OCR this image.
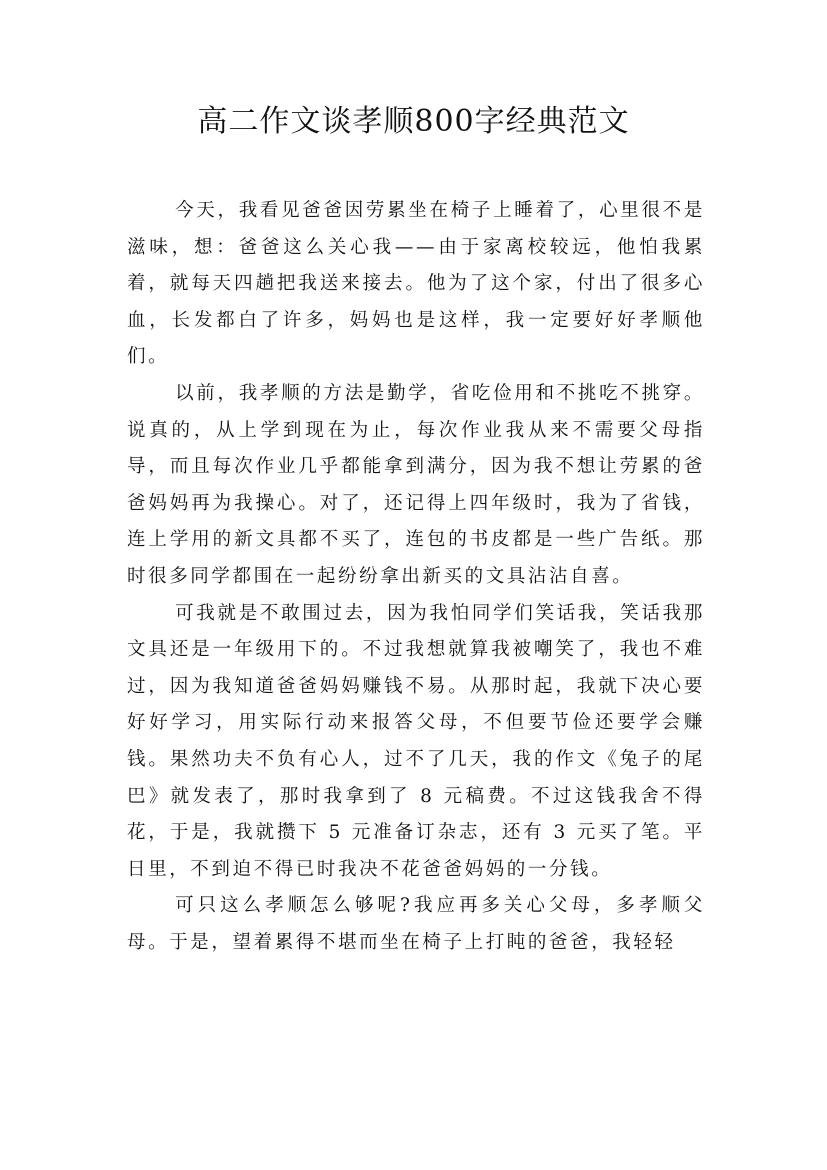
高二作文谈孝顺800字经典范文

今天，我看见爸爸因劳累坐在椅子上睡着了，心里很不是滋味，想：爸爸这么关心我——由于家离校较远，他怕我累着，就每天四趟把我送来接去。他为了这个家，付出了很多心血，长发都白了许多，妈妈也是这样，我一定要好好孝顺他们。

以前，我孝顺的方法是勤学，省吃俭用和不挑吃不挑穿。说真的，从上学到现在为止，每次作业我从来不需要父母指导，而且每次作业几乎都能拿到满分，因为我不想让劳累的爸爸妈妈再为我操心。对了，还记得上四年级时，我为了省钱，连上学用的新文具都不买了，连包的书皮都是一些广告纸。那时很多同学都围在一起纷纷拿出新买的文具沾沾自喜。

可我就是不敢围过去，因为我怕同学们笑话我，笑话我那文具还是一年级用下的。不过我想就算我被嘲笑了，我也不难过，因为我知道爸爸妈妈赚钱不易。从那时起，我就下决心要好好学习，用实际行动来报答父母，不但要节俭还要学会赚钱。果然功夫不负有心人，过不了几天，我的作文《兔子的尾巴》就发表了，那时我拿到了 8 元稿费。不过这钱我舍不得花，于是，我就攒下 5 元准备订杂志，还有 3 元买了笔。平日里，不到迫不得已时我决不花爸爸妈妈的一分钱。

可只这么孝顺怎么够呢?我应再多关心父母，多孝顺父母。于是，望着累得不堪而坐在椅子上打盹的爸爸，我轻轻
